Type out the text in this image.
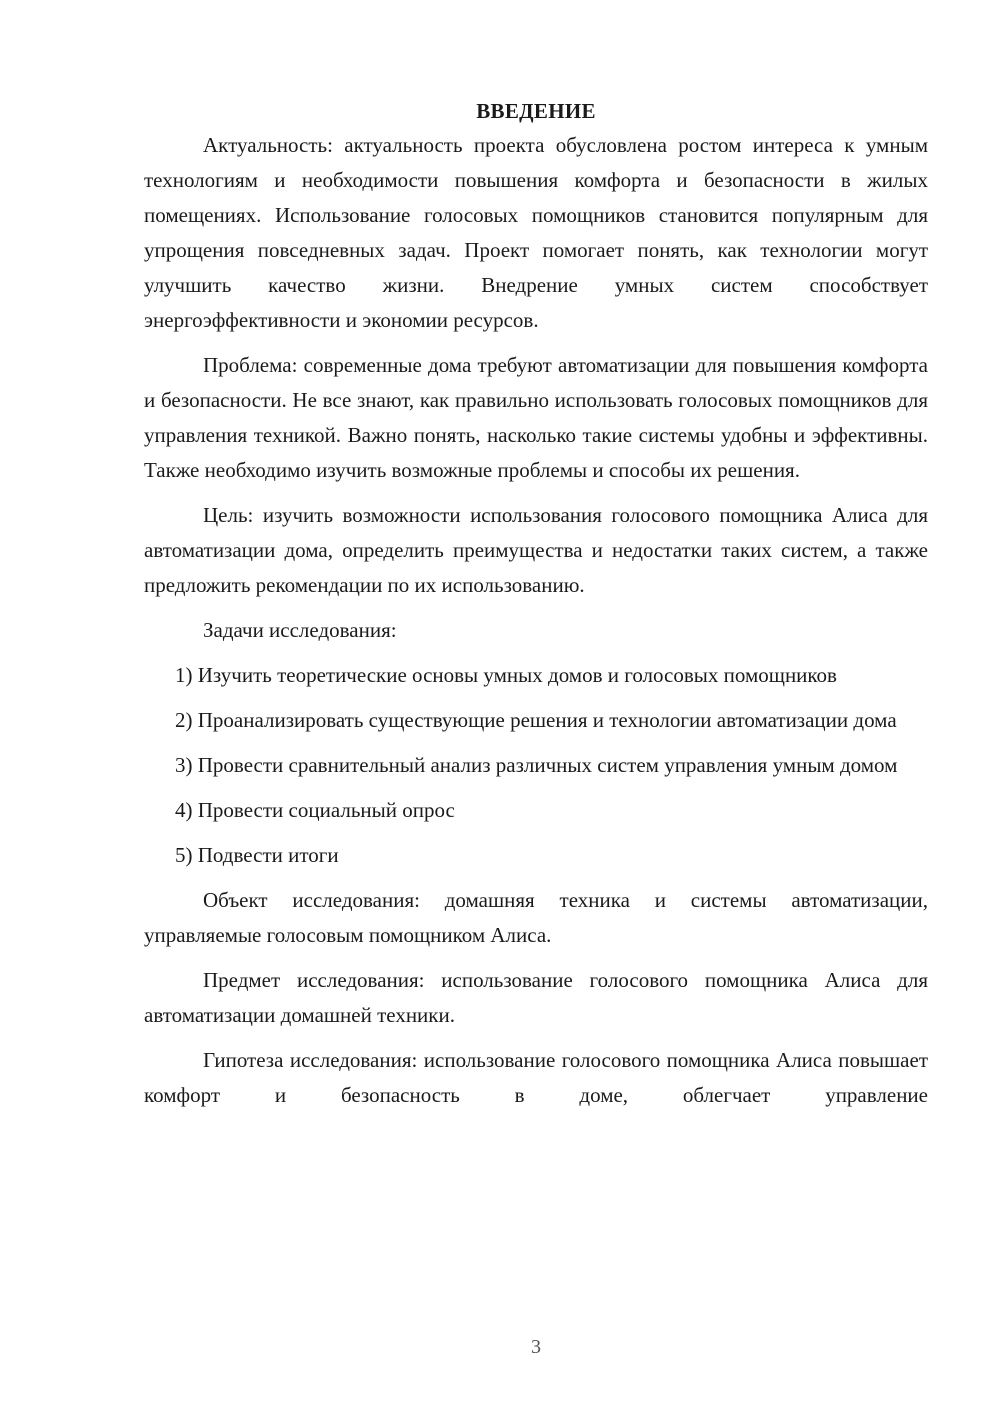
ВВЕДЕНИЕ

Актуальность: актуальность проекта обусловлена ростом интереса к умным технологиям и необходимости повышения комфорта и безопасности в жилых помещениях. Использование голосовых помощников становится популярным для упрощения повседневных задач. Проект помогает понять, как технологии могут улучшить качество жизни. Внедрение умных систем способствует энергоэффективности и экономии ресурсов.

Проблема: современные дома требуют автоматизации для повышения комфорта и безопасности. Не все знают, как правильно использовать голосовых помощников для управления техникой. Важно понять, насколько такие системы удобны и эффективны. Также необходимо изучить возможные проблемы и способы их решения.

Цель: изучить возможности использования голосового помощника Алиса для автоматизации дома, определить преимущества и недостатки таких систем, а также предложить рекомендации по их использованию.

Задачи исследования:

1) Изучить теоретические основы умных домов и голосовых помощников

2) Проанализировать существующие решения и технологии автоматизации дома

3) Провести сравнительный анализ различных систем управления умным домом

4) Провести социальный опрос

5) Подвести итоги

Объект исследования: домашняя техника и системы автоматизации, управляемые голосовым помощником Алиса.

Предмет исследования: использование голосового помощника Алиса для автоматизации домашней техники.

Гипотеза исследования: использование голосового помощника Алиса повышает комфорт и безопасность в доме, облегчает управление

3
